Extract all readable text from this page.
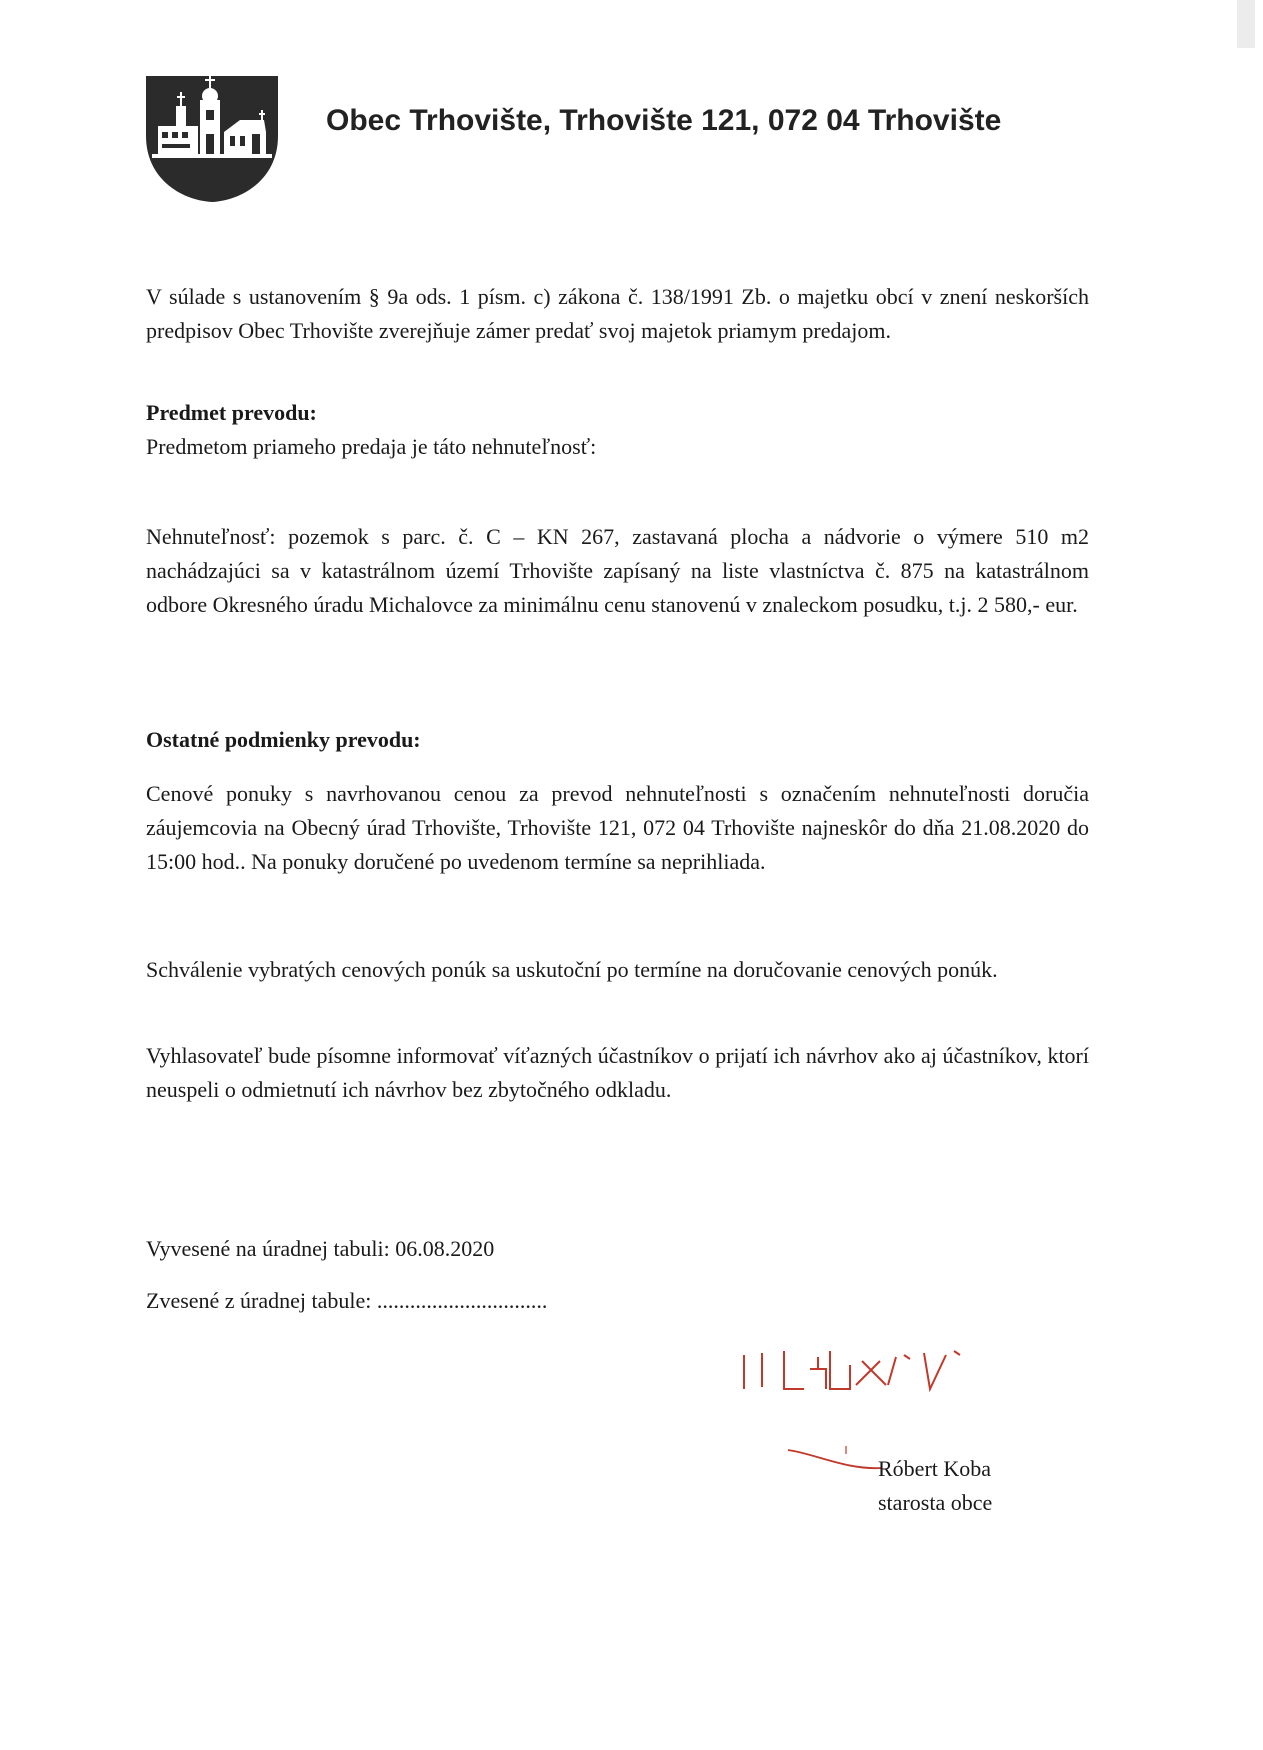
Obec Trhovište, Trhovište 121, 072 04 Trhovište

V súlade s ustanovením § 9a ods. 1 písm. c) zákona č. 138/1991 Zb. o majetku obcí v znení neskorších predpisov Obec Trhovište zverejňuje zámer predať svoj majetok priamym predajom.

Predmet prevodu:

Predmetom priameho predaja je táto nehnuteľnosť:

Nehnuteľnosť: pozemok s parc. č. C – KN 267, zastavaná plocha a nádvorie o výmere 510 m2 nachádzajúci sa v katastrálnom území Trhovište zapísaný na liste vlastníctva č. 875 na katastrálnom odbore Okresného úradu Michalovce za minimálnu cenu stanovenú v znaleckom posudku, t.j. 2 580,- eur.

Ostatné podmienky prevodu:

Cenové ponuky s navrhovanou cenou za prevod nehnuteľnosti s označením nehnuteľnosti doručia záujemcovia na Obecný úrad Trhovište, Trhovište 121, 072 04 Trhovište najneskôr do dňa 21.08.2020 do 15:00 hod.. Na ponuky doručené po uvedenom termíne sa neprihliada.

Schválenie vybratých cenových ponúk sa uskutoční po termíne na doručovanie cenových ponúk.

Vyhlasovateľ bude písomne informovať víťazných účastníkov o prijatí ich návrhov ako aj účastníkov, ktorí neuspeli o odmietnutí ich návrhov bez zbytočného odkladu.

Vyvesené na úradnej tabuli: 06.08.2020

Zvesené z úradnej tabule: ...............................

Róbert Koba
starosta obce
